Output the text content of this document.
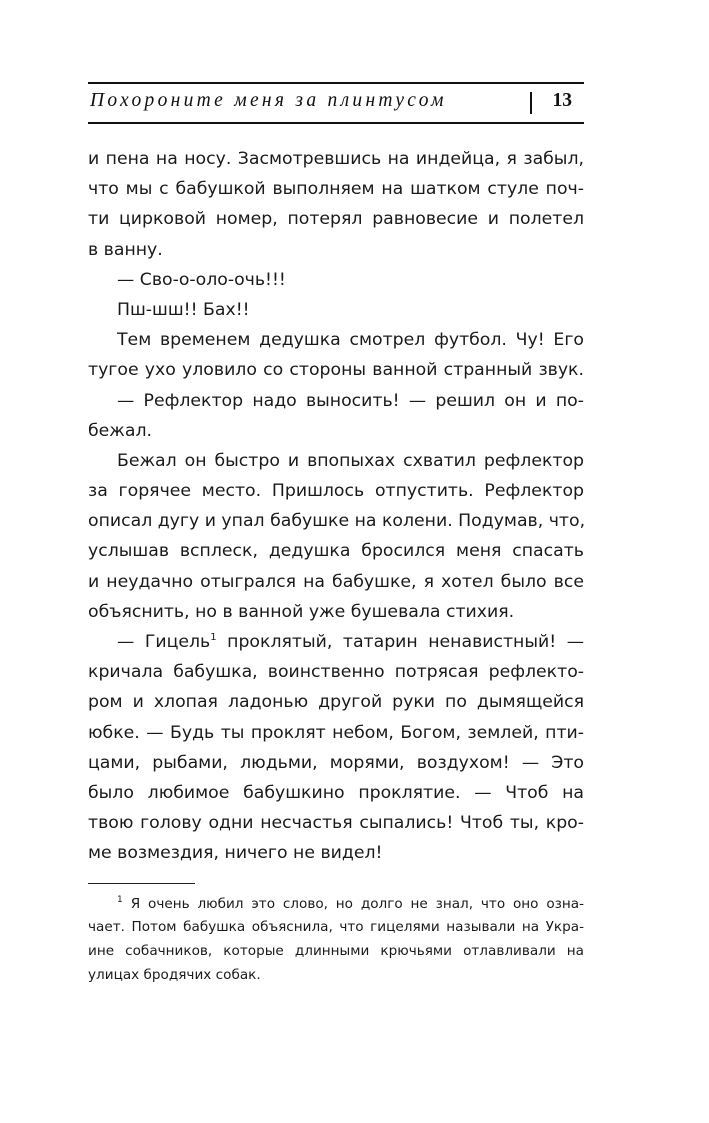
Похороните меня за плинтусом	13
и пена на носу. Засмотревшись на индейца, я забыл,
что мы с бабушкой выполняем на шатком стуле поч-
ти цирковой номер, потерял равновесие и полетел
в ванну.
— Сво-о-оло-очь!!!
Пш-шш!! Бах!!
Тем временем дедушка смотрел футбол. Чу! Его
тугое ухо уловило со стороны ванной странный звук.
— Рефлектор надо выносить! — решил он и по-
бежал.
Бежал он быстро и впопыхах схватил рефлектор
за горячее место. Пришлось отпустить. Рефлектор
описал дугу и упал бабушке на колени. Подумав, что,
услышав всплеск, дедушка бросился меня спасать
и неудачно отыгрался на бабушке, я хотел было все
объяснить, но в ванной уже бушевала стихия.
— Гицель$^1$ проклятый, татарин ненавистный! —
кричала бабушка, воинственно потрясая рефлекто-
ром и хлопая ладонью другой руки по дымящейся
юбке. — Будь ты проклят небом, Богом, землей, пти-
цами, рыбами, людьми, морями, воздухом! — Это
было любимое бабушкино проклятие. — Чтоб на
твою голову одни несчастья сыпались! Чтоб ты, кро-
ме возмездия, ничего не видел!
$^1$ Я очень любил это слово, но долго не знал, что оно озна-
чает. Потом бабушка объяснила, что гицелями называли на Укра-
ине собачников, которые длинными крючьями отлавливали на
улицах бродячих собак.
